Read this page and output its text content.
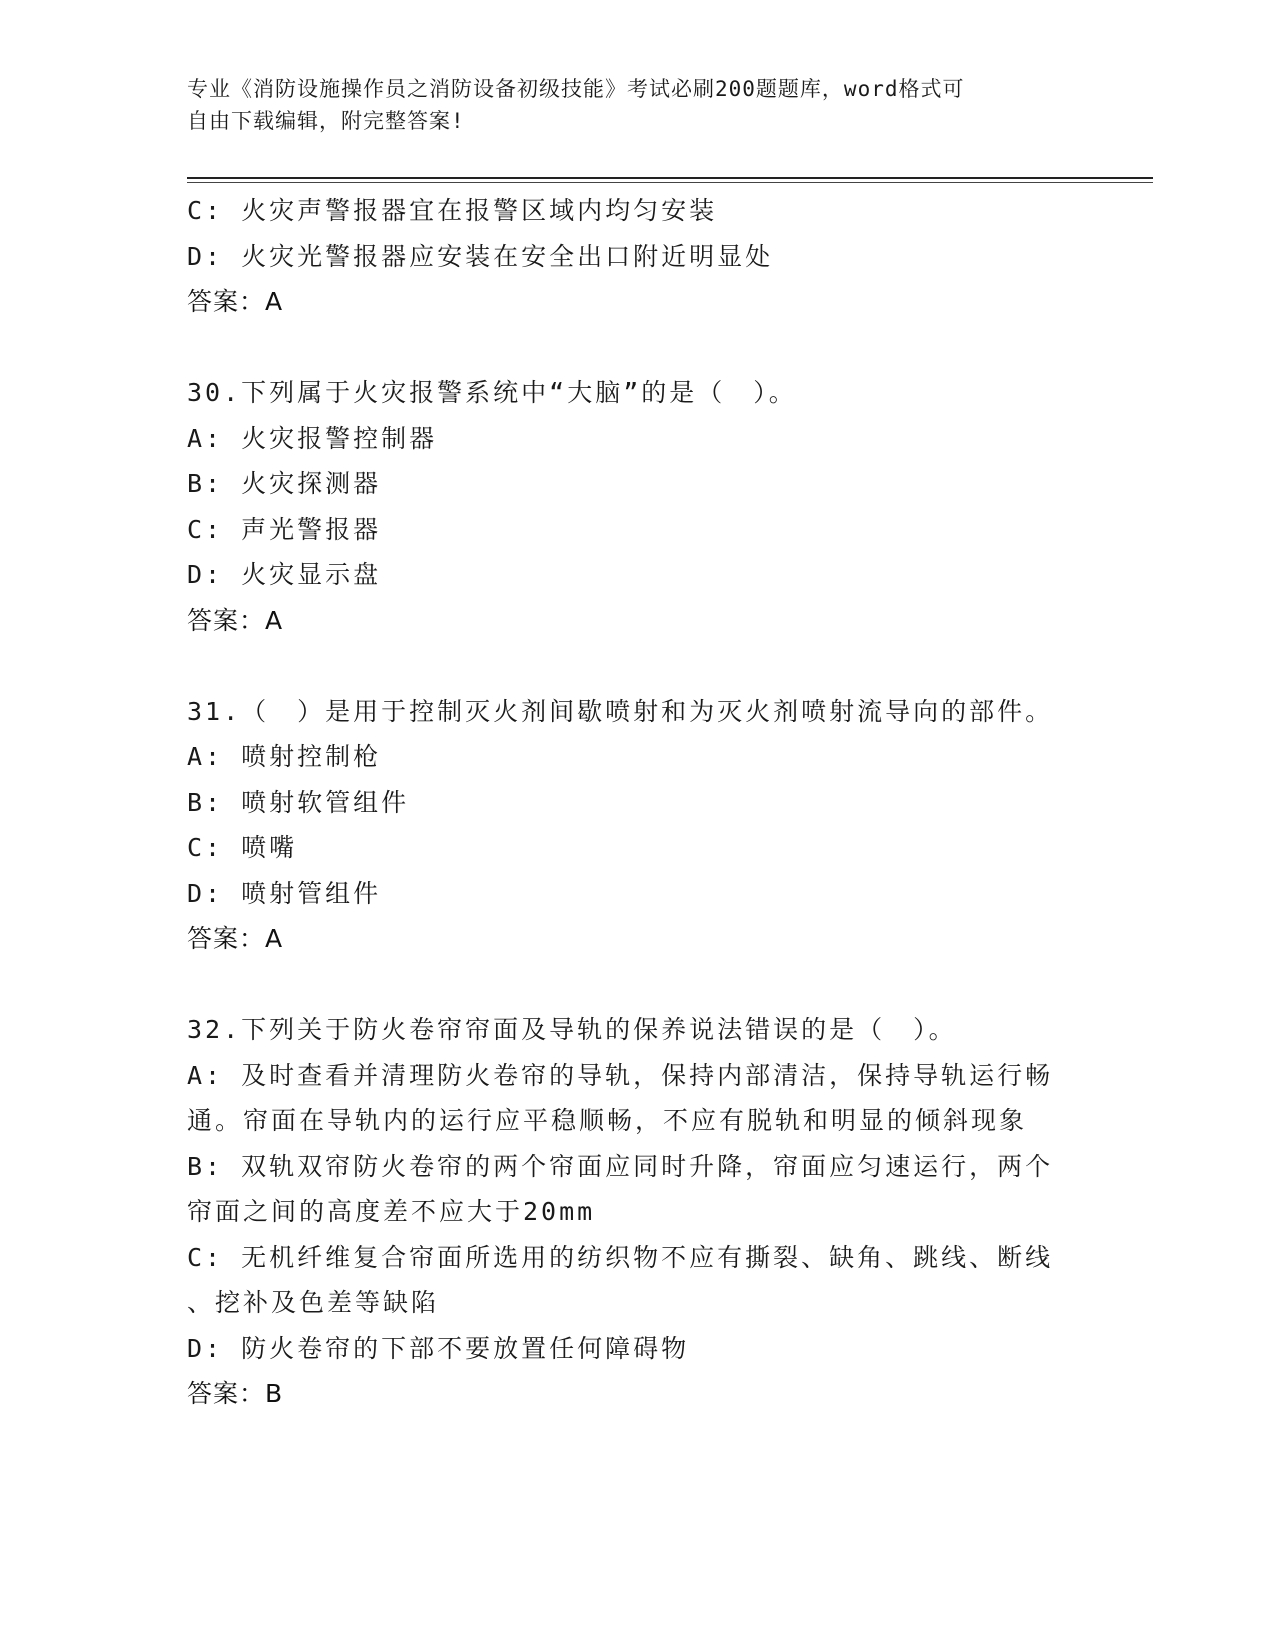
专业《消防设施操作员之消防设备初级技能》考试必刷200题题库，word格式可
自由下载编辑，附完整答案!
C: 火灾声警报器宜在报警区域内均匀安装
D: 火灾光警报器应安装在安全出口附近明显处
答案：A
30.下列属于火灾报警系统中“大脑”的是（　）。
A: 火灾报警控制器
B: 火灾探测器
C: 声光警报器
D: 火灾显示盘
答案：A
31.（　）是用于控制灭火剂间歇喷射和为灭火剂喷射流导向的部件。
A: 喷射控制枪
B: 喷射软管组件
C: 喷嘴
D: 喷射管组件
答案：A
32.下列关于防火卷帘帘面及导轨的保养说法错误的是（　）。
A: 及时查看并清理防火卷帘的导轨，保持内部清洁，保持导轨运行畅
通。帘面在导轨内的运行应平稳顺畅，不应有脱轨和明显的倾斜现象
B: 双轨双帘防火卷帘的两个帘面应同时升降，帘面应匀速运行，两个
帘面之间的高度差不应大于20mm
C: 无机纤维复合帘面所选用的纺织物不应有撕裂、缺角、跳线、断线
、挖补及色差等缺陷
D: 防火卷帘的下部不要放置任何障碍物
答案：B
